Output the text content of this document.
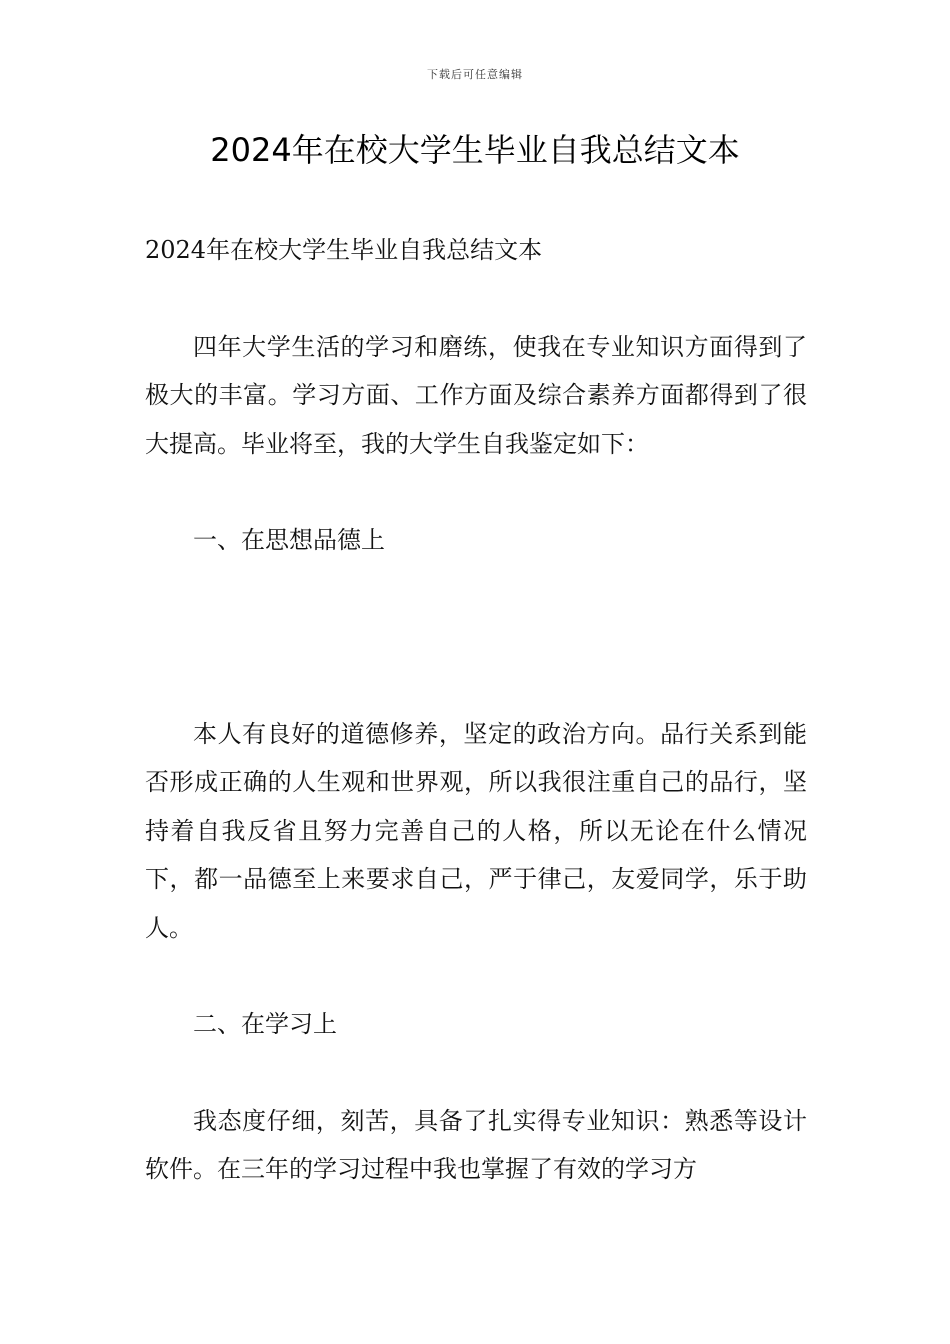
下载后可任意编辑
2024年在校大学生毕业自我总结文本

2024年在校大学生毕业自我总结文本

四年大学生活的学习和磨练，使我在专业知识方面得到了极大的丰富。学习方面、工作方面及综合素养方面都得到了很大提高。毕业将至，我的大学生自我鉴定如下：

一、在思想品德上

本人有良好的道德修养，坚定的政治方向。品行关系到能否形成正确的人生观和世界观，所以我很注重自己的品行，坚持着自我反省且努力完善自己的人格，所以无论在什么情况下，都一品德至上来要求自己，严于律己，友爱同学，乐于助人。

二、在学习上

我态度仔细，刻苦，具备了扎实得专业知识：熟悉等设计软件。在三年的学习过程中我也掌握了有效的学习方
